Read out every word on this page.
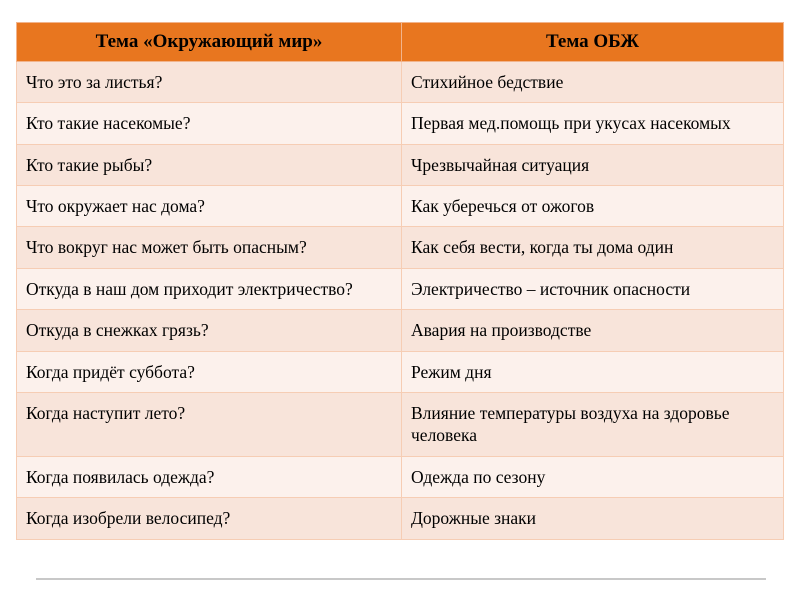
Тема «Окружающий мир»	Тема ОБЖ
Что это за листья?	Стихийное бедствие
Кто такие насекомые?	Первая мед.помощь при укусах насекомых
Кто такие рыбы?	Чрезвычайная ситуация
Что окружает нас дома?	Как уберечься от ожогов
Что вокруг нас может быть опасным?	Как себя вести, когда ты дома один
Откуда в наш дом приходит электричество?	Электричество – источник опасности
Откуда в снежках грязь?	Авария на производстве
Когда придёт суббота?	Режим дня
Когда наступит лето?	Влияние температуры воздуха на здоровье человека
Когда появилась одежда?	Одежда по сезону
Когда изобрели велосипед?	Дорожные знаки
